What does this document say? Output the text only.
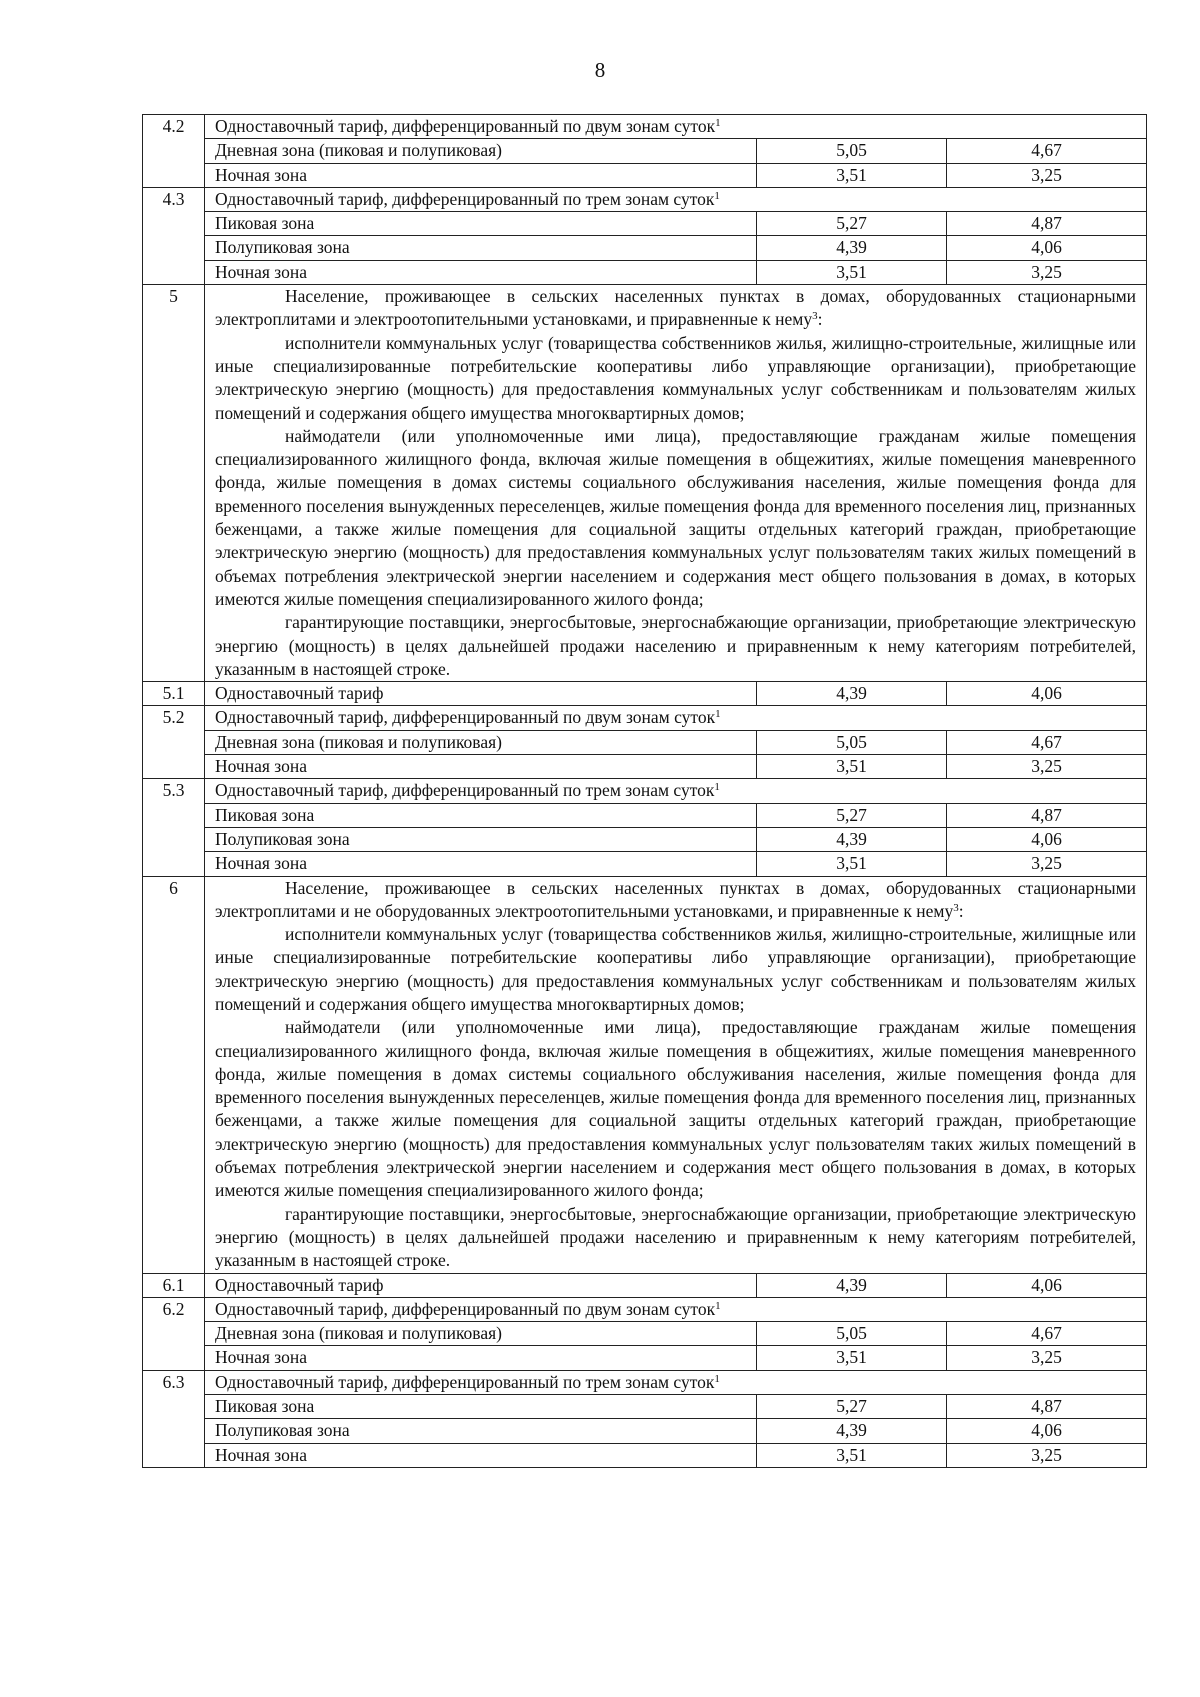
8
4.2	Одноставочный тариф, дифференцированный по двум зонам суток$^1$
	Дневная зона (пиковая и полупиковая)	5,05	4,67
	Ночная зона	3,51	3,25
4.3	Одноставочный тариф, дифференцированный по трем зонам суток$^1$
	Пиковая зона	5,27	4,87
	Полупиковая зона	4,39	4,06
	Ночная зона	3,51	3,25
5	Население, проживающее в сельских населенных пунктах в домах, оборудованных стационарными электроплитами и электроотопительными установками, и приравненные к нему$^3$:

исполнители коммунальных услуг (товарищества собственников жилья, жилищно-строительные, жилищные или иные специализированные потребительские кооперативы либо управляющие организации), приобретающие электрическую энергию (мощность) для предоставления коммунальных услуг собственникам и пользователям жилых помещений и содержания общего имущества многоквартирных домов;

наймодатели (или уполномоченные ими лица), предоставляющие гражданам жилые помещения специализированного жилищного фонда, включая жилые помещения в общежитиях, жилые помещения маневренного фонда, жилые помещения в домах системы социального обслуживания населения, жилые помещения фонда для временного поселения вынужденных переселенцев, жилые помещения фонда для временного поселения лиц, признанных беженцами, а также жилые помещения для социальной защиты отдельных категорий граждан, приобретающие электрическую энергию (мощность) для предоставления коммунальных услуг пользователям таких жилых помещений в объемах потребления электрической энергии населением и содержания мест общего пользования в домах, в которых имеются жилые помещения специализированного жилого фонда;

гарантирующие поставщики, энергосбытовые, энергоснабжающие организации, приобретающие электрическую энергию (мощность) в целях дальнейшей продажи населению и приравненным к нему категориям потребителей, указанным в настоящей строке.		

5.1	Одноставочный тариф	4,39	4,06
5.2	Одноставочный тариф, дифференцированный по двум зонам суток$^1$
	Дневная зона (пиковая и полупиковая)	5,05	4,67
	Ночная зона	3,51	3,25
5.3	Одноставочный тариф, дифференцированный по трем зонам суток$^1$
	Пиковая зона	5,27	4,87
	Полупиковая зона	4,39	4,06
	Ночная зона	3,51	3,25
6	Население, проживающее в сельских населенных пунктах в домах, оборудованных стационарными электроплитами и не оборудованных электроотопительными установками, и приравненные к нему$^3$:

исполнители коммунальных услуг (товарищества собственников жилья, жилищно-строительные, жилищные или иные специализированные потребительские кооперативы либо управляющие организации), приобретающие электрическую энергию (мощность) для предоставления коммунальных услуг собственникам и пользователям жилых помещений и содержания общего имущества многоквартирных домов;

наймодатели (или уполномоченные ими лица), предоставляющие гражданам жилые помещения специализированного жилищного фонда, включая жилые помещения в общежитиях, жилые помещения маневренного фонда, жилые помещения в домах системы социального обслуживания населения, жилые помещения фонда для временного поселения вынужденных переселенцев, жилые помещения фонда для временного поселения лиц, признанных беженцами, а также жилые помещения для социальной защиты отдельных категорий граждан, приобретающие электрическую энергию (мощность) для предоставления коммунальных услуг пользователям таких жилых помещений в объемах потребления электрической энергии населением и содержания мест общего пользования в домах, в которых имеются жилые помещения специализированного жилого фонда;

гарантирующие поставщики, энергосбытовые, энергоснабжающие организации, приобретающие электрическую энергию (мощность) в целях дальнейшей продажи населению и приравненным к нему категориям потребителей, указанным в настоящей строке.		

6.1	Одноставочный тариф	4,39	4,06
6.2	Одноставочный тариф, дифференцированный по двум зонам суток$^1$
	Дневная зона (пиковая и полупиковая)	5,05	4,67
	Ночная зона	3,51	3,25
6.3	Одноставочный тариф, дифференцированный по трем зонам суток$^1$
	Пиковая зона	5,27	4,87
	Полупиковая зона	4,39	4,06
	Ночная зона	3,51	3,25
